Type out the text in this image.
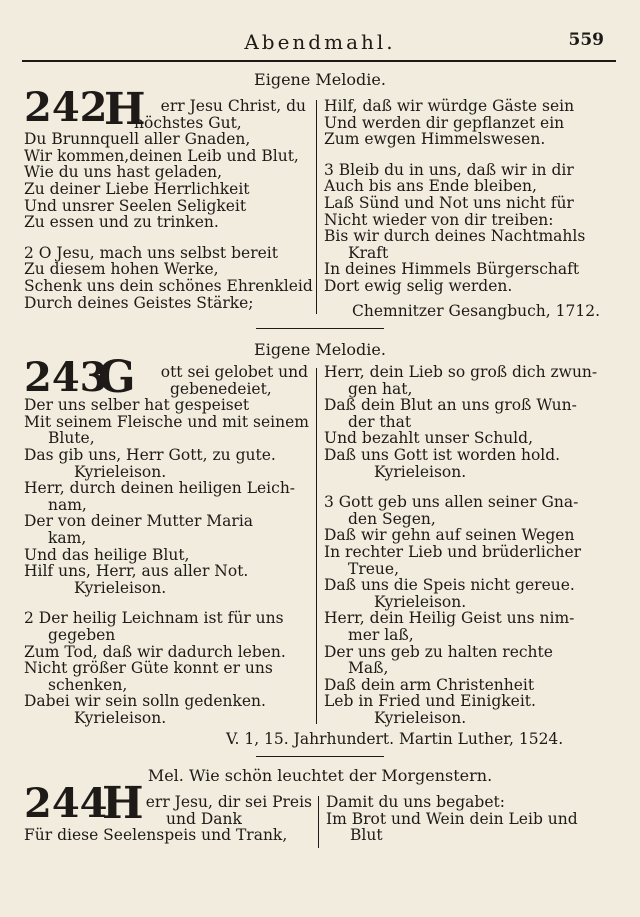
Abendmahl.	559
Eigene Melodie.
242
H err Jesu Christ, du
höchstes Gut,
Du Brunnquell aller Gnaden,
Wir kommen,deinen Leib und Blut,
Wie du uns hast geladen,
Zu deiner Liebe Herrlichkeit
Und unsrer Seelen Seligkeit
Zu essen und zu trinken.
2 O Jesu, mach uns selbst bereit
Zu diesem hohen Werke,
Schenk uns dein schönes Ehrenkleid
Durch deines Geistes Stärke;
Hilf, daß wir würdge Gäste sein
Und werden dir gepflanzet ein
Zum ewgen Himmelswesen.
3 Bleib du in uns, daß wir in dir
Auch bis ans Ende bleiben,
Laß Sünd und Not uns nicht für
Nicht wieder von dir treiben:
Bis wir durch deines Nachtmahls
Kraft
In deines Himmels Bürgerschaft
Dort ewig selig werden.
Chemnitzer Gesangbuch, 1712.
Eigene Melodie.
243
G	ott sei gelobet und
gebenedeiet,
Der uns selber hat gespeiset
Mit seinem Fleische und mit seinem
Blute,
Das gib uns, Herr Gott, zu gute.
Kyrieleison.
Herr, durch deinen heiligen Leich-
nam,
Der von deiner Mutter Maria
kam,
Und das heilige Blut,
Hilf uns, Herr, aus aller Not.
Kyrieleison.
2 Der heilig Leichnam ist für uns
gegeben
Zum Tod, daß wir dadurch leben.
Nicht größer Güte konnt er uns
schenken,
Dabei wir sein solln gedenken.
Kyrieleison.
Herr, dein Lieb so groß dich zwun-
gen hat,
Daß dein Blut an uns groß Wun-
der that
Und bezahlt unser Schuld,
Daß uns Gott ist worden hold.
Kyrieleison.
3 Gott geb uns allen seiner Gna-
den Segen,
Daß wir gehn auf seinen Wegen
In rechter Lieb und brüderlicher
Treue,
Daß uns die Speis nicht gereue.
Kyrieleison.
Herr, dein Heilig Geist uns nim-
mer laß,
Der uns geb zu halten rechte
Maß,
Daß dein arm Christenheit
Leb in Fried und Einigkeit.
Kyrieleison.
V. 1, 15. Jahrhundert. Martin Luther, 1524.
Mel. Wie schön leuchtet der Morgenstern.
244
H err Jesu, dir sei Preis
und Dank
Für diese Seelenspeis und Trank,
Damit du uns begabet:
Im Brot und Wein dein Leib und
Blut
